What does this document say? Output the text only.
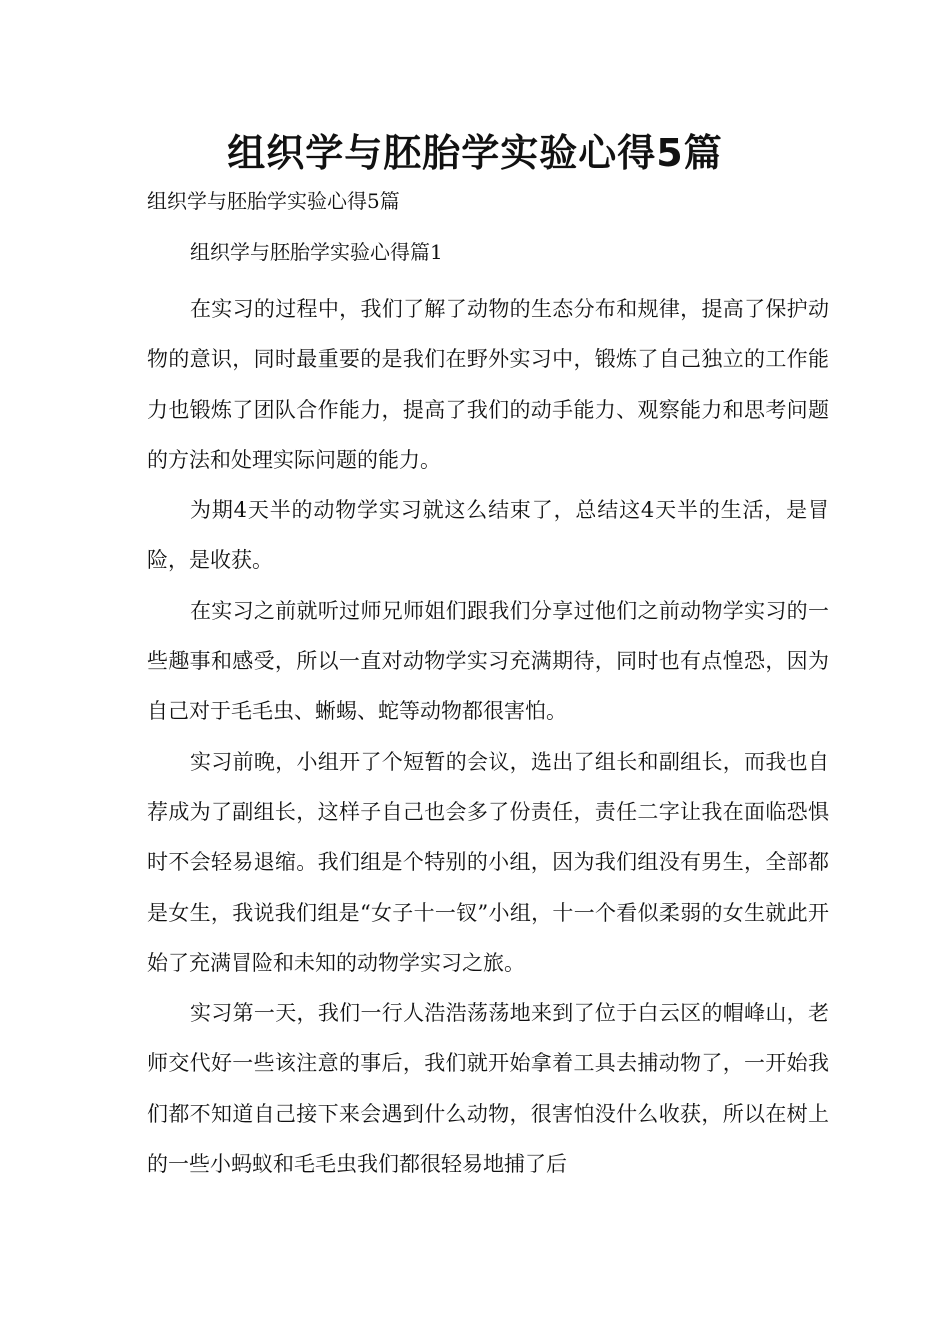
组织学与胚胎学实验心得5篇

组织学与胚胎学实验心得5篇

组织学与胚胎学实验心得篇1

在实习的过程中，我们了解了动物的生态分布和规律，提高了保护动物的意识，同时最重要的是我们在野外实习中，锻炼了自己独立的工作能力也锻炼了团队合作能力，提高了我们的动手能力、观察能力和思考问题的方法和处理实际问题的能力。

为期4天半的动物学实习就这么结束了，总结这4天半的生活，是冒险，是收获。

在实习之前就听过师兄师姐们跟我们分享过他们之前动物学实习的一些趣事和感受，所以一直对动物学实习充满期待，同时也有点惶恐，因为自己对于毛毛虫、蜥蜴、蛇等动物都很害怕。

实习前晚，小组开了个短暂的会议，选出了组长和副组长，而我也自荐成为了副组长，这样子自己也会多了份责任，责任二字让我在面临恐惧时不会轻易退缩。我们组是个特别的小组，因为我们组没有男生，全部都是女生，我说我们组是“女子十一钗”小组，十一个看似柔弱的女生就此开始了充满冒险和未知的动物学实习之旅。

实习第一天，我们一行人浩浩荡荡地来到了位于白云区的帽峰山，老师交代好一些该注意的事后，我们就开始拿着工具去捕动物了，一开始我们都不知道自己接下来会遇到什么动物，很害怕没什么收获，所以在树上的一些小蚂蚁和毛毛虫我们都很轻易地捕了后
